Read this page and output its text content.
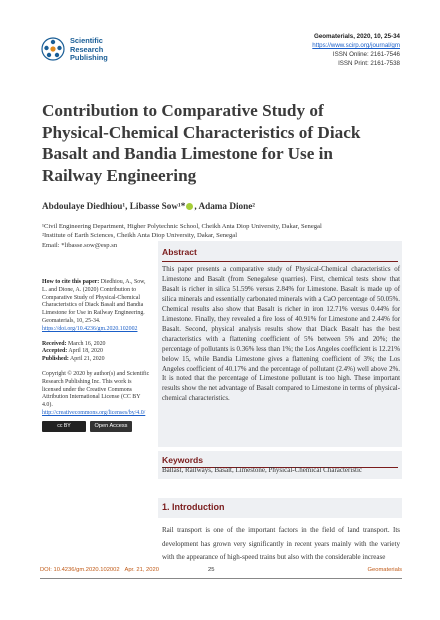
Scientific
Research
Publishing
Geomaterials, 2020, 10, 25-34
https://www.scirp.org/journal/gm
ISSN Online: 2161-7546
ISSN Print: 2161-7538
Contribution to Comparative Study of Physical-Chemical Characteristics of Diack Basalt and Bandia Limestone for Use in Railway Engineering
Abdoulaye Diedhiou¹, Libasse Sow¹* , Adama Dione²
¹Civil Engineering Department, Higher Polytechnic School, Cheikh Anta Diop University, Dakar, Senegal
²Institute of Earth Sciences, Cheikh Anta Diop University, Dakar, Senegal
Email: *libasse.sow@esp.sn
How to cite this paper: Diedhiou, A., Sow, L. and Dione, A. (2020) Contribution to Comparative Study of Physical-Chemical Characteristics of Diack Basalt and Bandia Limestone for Use in Railway Engineering. Geomaterials, 10, 25-34. https://doi.org/10.4236/gm.2020.102002
Received: March 16, 2020
Accepted: April 18, 2020
Published: April 21, 2020
Copyright © 2020 by author(s) and Scientific Research Publishing Inc. This work is licensed under the Creative Commons Attribution International License (CC BY 4.0).
http://creativecommons.org/licenses/by/4.0/
cc BY	Open Access
Abstract
This paper presents a comparative study of Physical-Chemical characteristics of Limestone and Basalt (from Senegalese quarries). First, chemical tests show that Basalt is richer in silica 51.59% versus 2.84% for Limestone. Basalt is made up of silica minerals and essentially carbonated minerals with a CaO percentage of 50.05%. Chemical results also show that Basalt is richer in iron 12.71% versus 0.44% for Limestone. Finally, they revealed a fire loss of 40.91% for Limestone and 2.44% for Basalt. Second, physical analysis results show that Diack Basalt has the best characteristics with a flattening coefficient of 5% between 5% and 20%; the percentage of pollutants is 0.36% less than 1%; the Los Angeles coefficient is 12.21% below 15, while Bandia Limestone gives a flattening coefficient of 3%; the Los Angeles coefficient of 40.17% and the percentage of pollutant (2.4%) well above 2%. It is noted that the percentage of Limestone pollutant is too high. These important results show the net advantage of Basalt compared to Limestone in terms of physical-chemical characteristics.
Keywords
Ballast, Railways, Basalt, Limestone, Physical-Chemical Characteristic
1. Introduction
Rail transport is one of the important factors in the field of land transport. Its development has grown very significantly in recent years mainly with the variety with the appearance of high-speed trains but also with the considerable increase
DOI: 10.4236/gm.2020.102002 Apr. 21, 2020	25	Geomaterials
